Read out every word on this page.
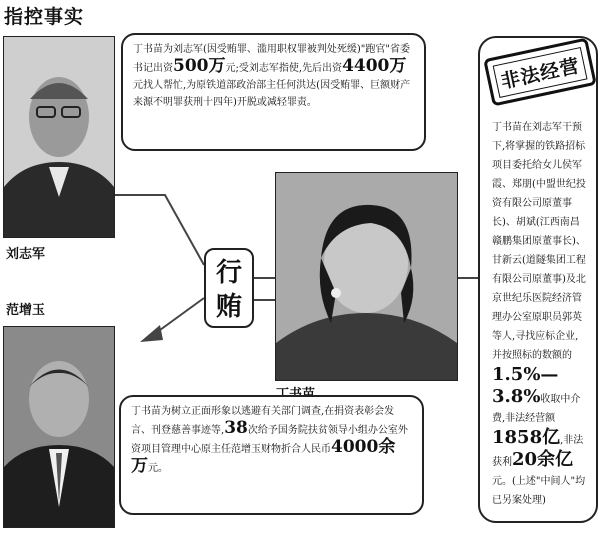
指控事实
刘志军
范增玉
行
贿
丁书苗为刘志军(因受贿罪、滥用职权罪被判处死缓)"跑官"省委书记出资500万元;受刘志军指使,先后出资4400万元找人帮忙,为原铁道部政治部主任何洪达(因受贿罪、巨额财产来源不明罪获刑十四年)开脱或减轻罪责。
丁书苗为树立正面形象以逃避有关部门调查,在捐资表彰会发言、刊登慈善事迹等,38次给予国务院扶贫领导小组办公室外资项目管理中心原主任范增玉财物折合人民币4000余万元。
丁书苗在刘志军干预下,将掌握的铁路招标项目委托给女儿侯军霞、郑朋(中盟世纪投资有限公司原董事长)、胡斌(江西南昌赣鹏集团原董事长)、甘新云(道隧集团工程有限公司原董事)及北京世纪乐医院经济管理办公室原职员郭英等人,寻找应标企业,并按照标的数额的1.5%—3.8%收取中介费,非法经营额1858亿,非法获利20余亿元。(上述"中间人"均已另案处理)
非法经营
